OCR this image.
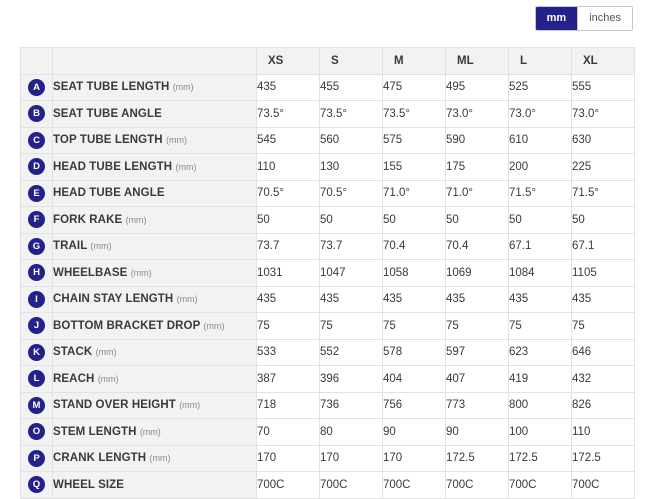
mm	inches
		XS	S	M	ML	L	XL
A	SEAT TUBE LENGTH (mm)	435	455	475	495	525	555
B	SEAT TUBE ANGLE	73.5°	73.5°	73.5°	73.0°	73.0°	73.0°
C	TOP TUBE LENGTH (mm)	545	560	575	590	610	630
D	HEAD TUBE LENGTH (mm)	110	130	155	175	200	225
E	HEAD TUBE ANGLE	70.5°	70.5°	71.0°	71.0°	71.5°	71.5°
F	FORK RAKE (mm)	50	50	50	50	50	50
G	TRAIL (mm)	73.7	73.7	70.4	70.4	67.1	67.1
H	WHEELBASE (mm)	1031	1047	1058	1069	1084	1105
I	CHAIN STAY LENGTH (mm)	435	435	435	435	435	435
J	BOTTOM BRACKET DROP (mm)	75	75	75	75	75	75
K	STACK (mm)	533	552	578	597	623	646
L	REACH (mm)	387	396	404	407	419	432
M	STAND OVER HEIGHT (mm)	718	736	756	773	800	826
O	STEM LENGTH (mm)	70	80	90	90	100	110
P	CRANK LENGTH (mm)	170	170	170	172.5	172.5	172.5
Q	WHEEL SIZE	700C	700C	700C	700C	700C	700C
